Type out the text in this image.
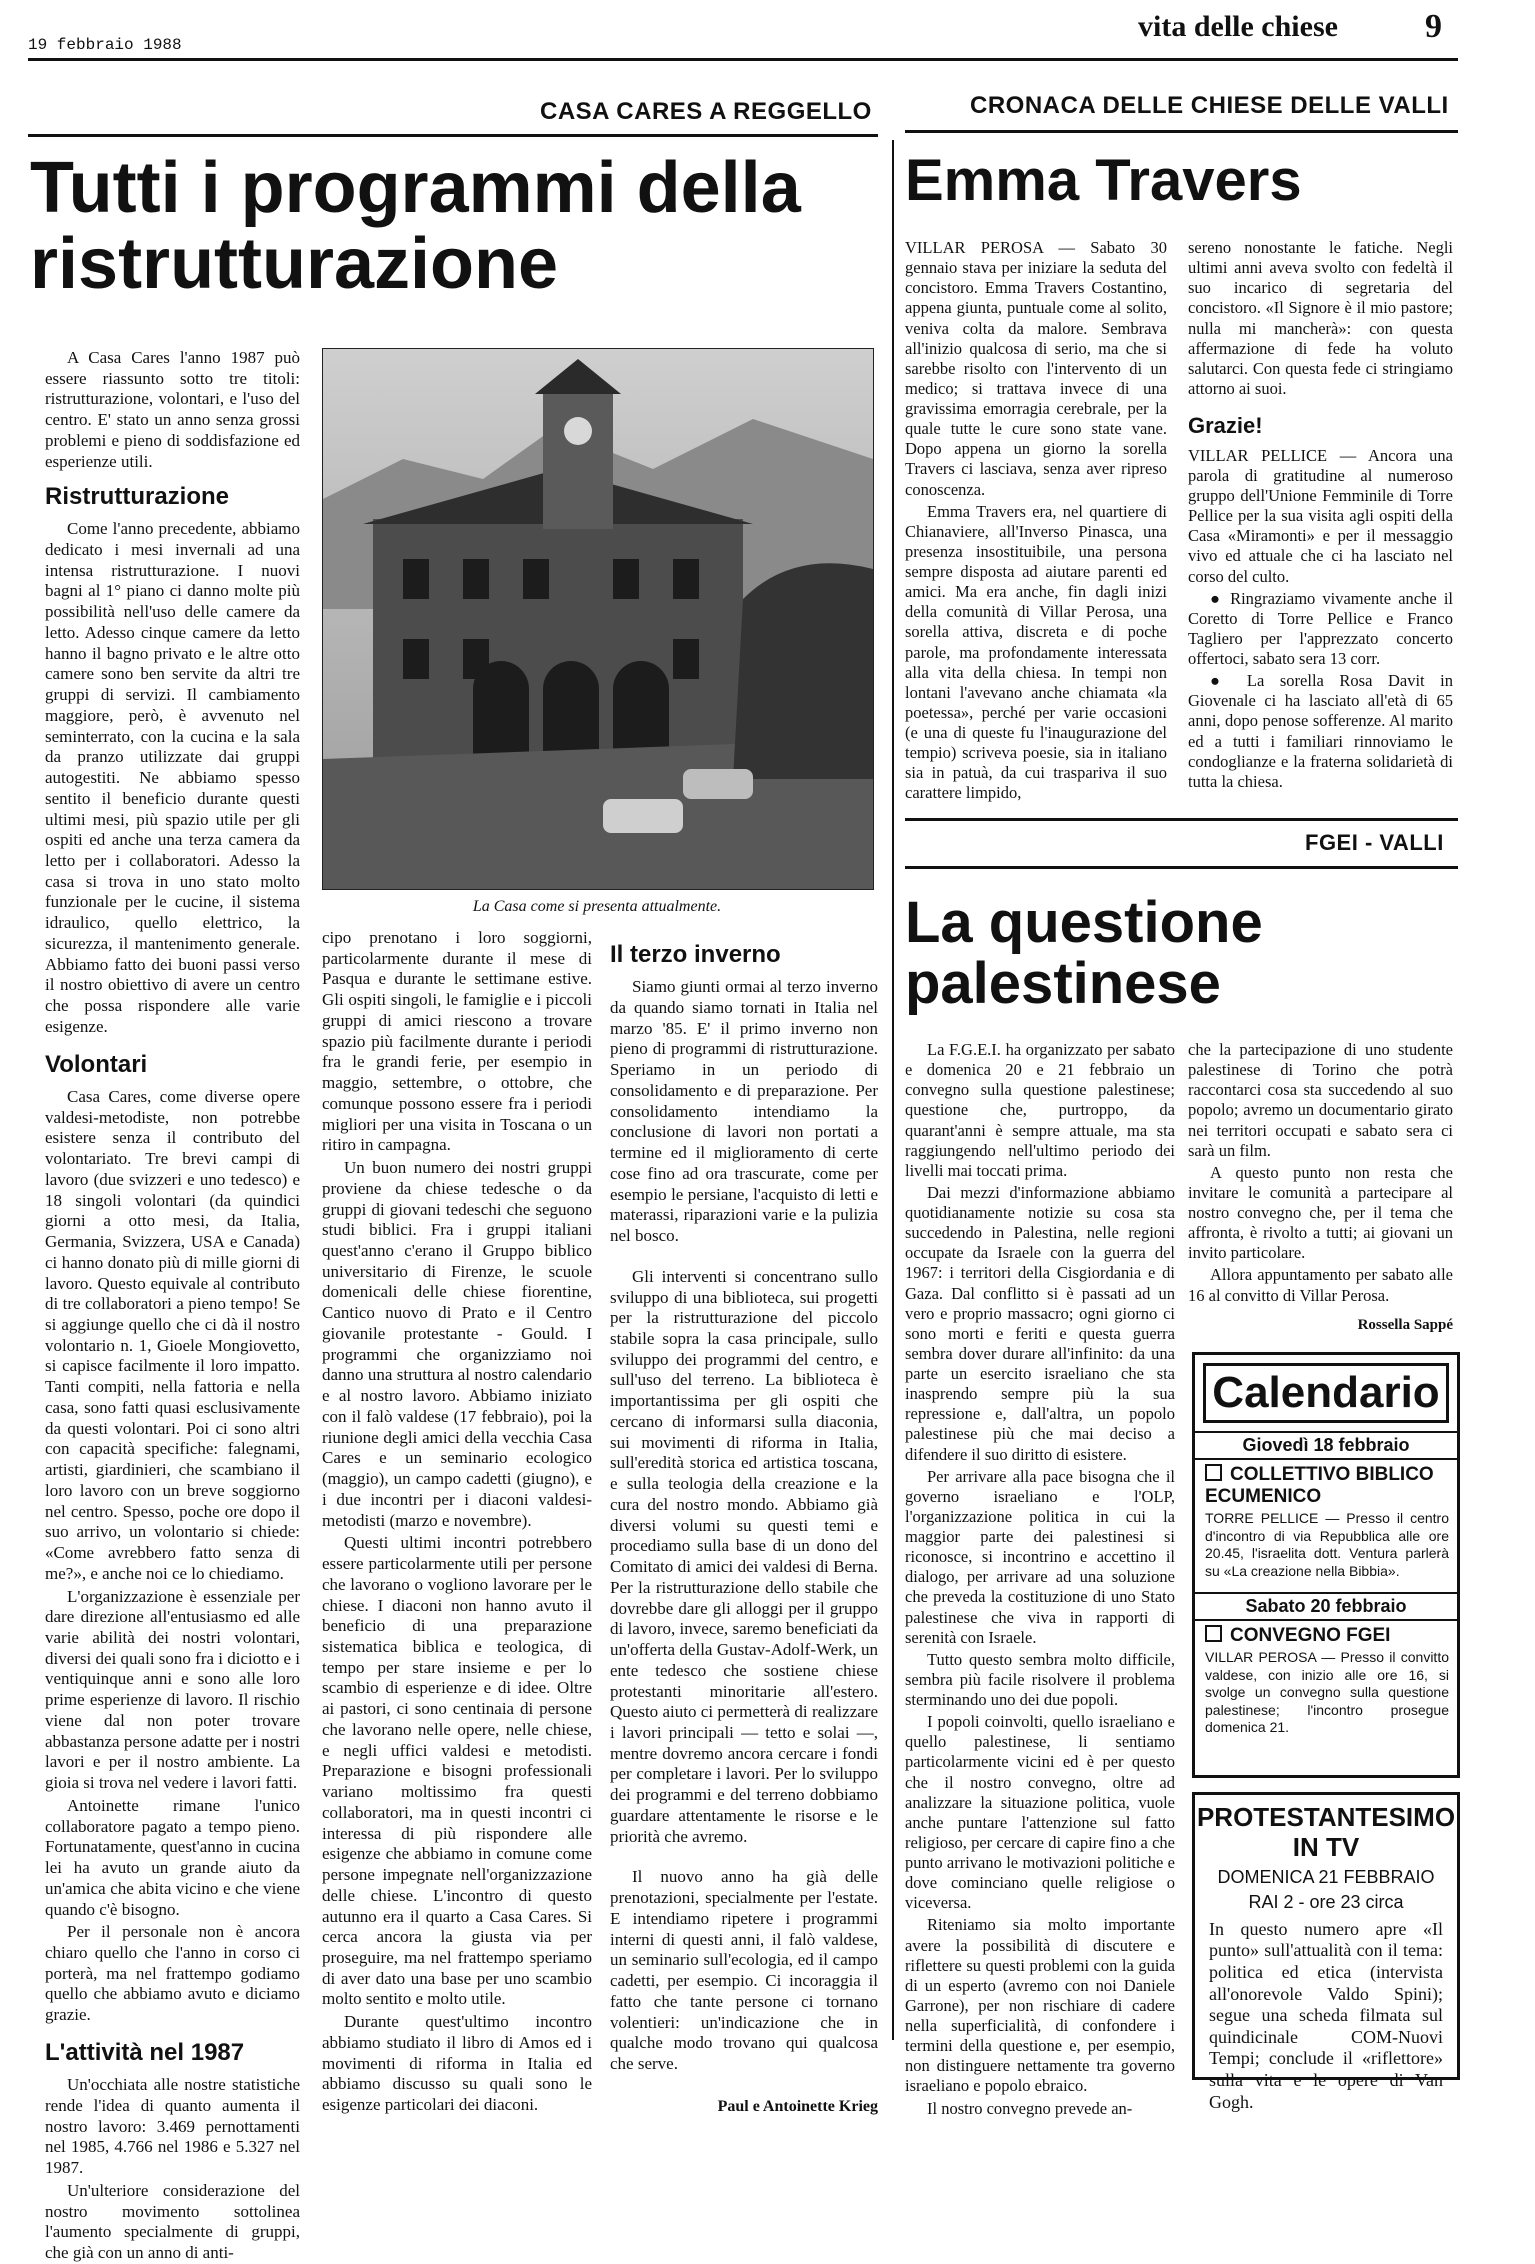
19 febbraio 1988
vita delle chiese	9
CASA CARES A REGGELLO	CRONACA DELLE CHIESE DELLE VALLI
Tutti i programmi della ristrutturazione

A Casa Cares l'anno 1987 può essere riassunto sotto tre titoli: ristrutturazione, volontari, e l'uso del centro. E' stato un anno senza grossi problemi e pieno di soddisfazione ed esperienze utili.

La Casa come si presenta attualmente.
Ristrutturazione

Come l'anno precedente, abbiamo dedicato i mesi invernali ad una intensa ristrutturazione. I nuovi bagni al 1° piano ci danno molte più possibilità nell'uso delle camere da letto. Adesso cinque camere da letto hanno il bagno privato e le altre otto camere sono ben servite da altri tre gruppi di servizi. Il cambiamento maggiore, però, è avvenuto nel seminterrato, con la cucina e la sala da pranzo utilizzate dai gruppi autogestiti. Ne abbiamo spesso sentito il beneficio durante questi ultimi mesi, più spazio utile per gli ospiti ed anche una terza camera da letto per i collaboratori. Adesso la casa si trova in uno stato molto funzionale per le cucine, il sistema idraulico, quello elettrico, la sicurezza, il mantenimento generale. Abbiamo fatto dei buoni passi verso il nostro obiettivo di avere un centro che possa rispondere alle varie esigenze.

Volontari

Casa Cares, come diverse opere valdesi-metodiste, non potrebbe esistere senza il contributo del volontariato. Tre brevi campi di lavoro (due svizzeri e uno tedesco) e 18 singoli volontari (da quindici giorni a otto mesi, da Italia, Germania, Svizzera, USA e Canada) ci hanno donato più di mille giorni di lavoro. Questo equivale al contributo di tre collaboratori a pieno tempo! Se si aggiunge quello che ci dà il nostro volontario n. 1, Gioele Mongiovetto, si capisce facilmente il loro impatto. Tanti compiti, nella fattoria e nella casa, sono fatti quasi esclusivamente da questi volontari. Poi ci sono altri con capacità specifiche: falegnami, artisti, giardinieri, che scambiano il loro lavoro con un breve soggiorno nel centro. Spesso, poche ore dopo il suo arrivo, un volontario si chiede: «Come avrebbero fatto senza di me?», e anche noi ce lo chiediamo.

L'organizzazione è essenziale per dare direzione all'entusiasmo ed alle varie abilità dei nostri volontari, diversi dei quali sono fra i diciotto e i ventiquinque anni e sono alle loro prime esperienze di lavoro. Il rischio viene dal non poter trovare abbastanza persone adatte per i nostri lavori e per il nostro ambiente. La gioia si trova nel vedere i lavori fatti.

Antoinette rimane l'unico collaboratore pagato a tempo pieno. Fortunatamente, quest'anno in cucina lei ha avuto un grande aiuto da un'amica che abita vicino e che viene quando c'è bisogno.

Per il personale non è ancora chiaro quello che l'anno in corso ci porterà, ma nel frattempo godiamo quello che abbiamo avuto e diciamo grazie.

L'attività nel 1987

Un'occhiata alle nostre statistiche rende l'idea di quanto aumenta il nostro lavoro: 3.469 pernottamenti nel 1985, 4.766 nel 1986 e 5.327 nel 1987.

Un'ulteriore considerazione del nostro movimento sottolinea l'aumento specialmente di gruppi, che già con un anno di anti-

cipo prenotano i loro soggiorni, particolarmente durante il mese di Pasqua e durante le settimane estive. Gli ospiti singoli, le famiglie e i piccoli gruppi di amici riescono a trovare spazio più facilmente durante i periodi fra le grandi ferie, per esempio in maggio, settembre, o ottobre, che comunque possono essere fra i periodi migliori per una visita in Toscana o un ritiro in campagna.

Un buon numero dei nostri gruppi proviene da chiese tedesche o da gruppi di giovani tedeschi che seguono studi biblici. Fra i gruppi italiani quest'anno c'erano il Gruppo biblico universitario di Firenze, le scuole domenicali delle chiese fiorentine, Cantico nuovo di Prato e il Centro giovanile protestante - Gould. I programmi che organizziamo noi danno una struttura al nostro calendario e al nostro lavoro. Abbiamo iniziato con il falò valdese (17 febbraio), poi la riunione degli amici della vecchia Casa Cares e un seminario ecologico (maggio), un campo cadetti (giugno), e i due incontri per i diaconi valdesi-metodisti (marzo e novembre).

Questi ultimi incontri potrebbero essere particolarmente utili per persone che lavorano o vogliono lavorare per le chiese. I diaconi non hanno avuto il beneficio di una preparazione sistematica biblica e teologica, di tempo per stare insieme e per lo scambio di esperienze e di idee. Oltre ai pastori, ci sono centinaia di persone che lavorano nelle opere, nelle chiese, e negli uffici valdesi e metodisti. Preparazione e bisogni professionali variano moltissimo fra questi collaboratori, ma in questi incontri ci interessa di più rispondere alle esigenze che abbiamo in comune come persone impegnate nell'organizzazione delle chiese. L'incontro di questo autunno era il quarto a Casa Cares. Si cerca ancora la giusta via per proseguire, ma nel frattempo speriamo di aver dato una base per uno scambio molto sentito e molto utile.

Durante quest'ultimo incontro abbiamo studiato il libro di Amos ed i movimenti di riforma in Italia ed abbiamo discusso su quali sono le esigenze particolari dei diaconi.

Il terzo inverno

Siamo giunti ormai al terzo inverno da quando siamo tornati in Italia nel marzo '85. E' il primo inverno non pieno di programmi di ristrutturazione. Speriamo in un periodo di consolidamento e di preparazione. Per consolidamento intendiamo la conclusione di lavori non portati a termine ed il miglioramento di certe cose fino ad ora trascurate, come per esempio le persiane, l'acquisto di letti e materassi, riparazioni varie e la pulizia nel bosco.

Gli interventi si concentrano sullo sviluppo di una biblioteca, sui progetti per la ristrutturazione del piccolo stabile sopra la casa principale, sullo sviluppo dei programmi del centro, e sull'uso del terreno. La biblioteca è importantissima per gli ospiti che cercano di informarsi sulla diaconia, sui movimenti di riforma in Italia, sull'eredità storica ed artistica toscana, e sulla teologia della creazione e la cura del nostro mondo. Abbiamo già diversi volumi su questi temi e procediamo sulla base di un dono del Comitato di amici dei valdesi di Berna. Per la ristrutturazione dello stabile che dovrebbe dare gli alloggi per il gruppo di lavoro, invece, saremo beneficiati da un'offerta della Gustav-Adolf-Werk, un ente tedesco che sostiene chiese protestanti minoritarie all'estero. Questo aiuto ci permetterà di realizzare i lavori principali — tetto e solai —, mentre dovremo ancora cercare i fondi per completare i lavori. Per lo sviluppo dei programmi e del terreno dobbiamo guardare attentamente le risorse e le priorità che avremo.

Il nuovo anno ha già delle prenotazioni, specialmente per l'estate. E intendiamo ripetere i programmi interni di questi anni, il falò valdese, un seminario sull'ecologia, ed il campo cadetti, per esempio. Ci incoraggia il fatto che tante persone ci tornano volentieri: un'indicazione che in qualche modo trovano qui qualcosa che serve.

Paul e Antoinette Krieg
Emma Travers

VILLAR PEROSA — Sabato 30 gennaio stava per iniziare la seduta del concistoro. Emma Travers Costantino, appena giunta, puntuale come al solito, veniva colta da malore. Sembrava all'inizio qualcosa di serio, ma che si sarebbe risolto con l'intervento di un medico; si trattava invece di una gravissima emorragia cerebrale, per la quale tutte le cure sono state vane. Dopo appena un giorno la sorella Travers ci lasciava, senza aver ripreso conoscenza.

Emma Travers era, nel quartiere di Chianaviere, all'Inverso Pinasca, una presenza insostituibile, una persona sempre disposta ad aiutare parenti ed amici. Ma era anche, fin dagli inizi della comunità di Villar Perosa, una sorella attiva, discreta e di poche parole, ma profondamente interessata alla vita della chiesa. In tempi non lontani l'avevano anche chiamata «la poetessa», perché per varie occasioni (e una di queste fu l'inaugurazione del tempio) scriveva poesie, sia in italiano sia in patuà, da cui traspariva il suo carattere limpido,

sereno nonostante le fatiche. Negli ultimi anni aveva svolto con fedeltà il suo incarico di segretaria del concistoro. «Il Signore è il mio pastore; nulla mi mancherà»: con questa affermazione di fede ha voluto salutarci. Con questa fede ci stringiamo attorno ai suoi.

Grazie!

VILLAR PELLICE — Ancora una parola di gratitudine al numeroso gruppo dell'Unione Femminile di Torre Pellice per la sua visita agli ospiti della Casa «Miramonti» e per il messaggio vivo ed attuale che ci ha lasciato nel corso del culto.

● Ringraziamo vivamente anche il Coretto di Torre Pellice e Franco Tagliero per l'apprezzato concerto offertoci, sabato sera 13 corr.

● La sorella Rosa Davit in Giovenale ci ha lasciato all'età di 65 anni, dopo penose sofferenze. Al marito ed a tutti i familiari rinnoviamo le condoglianze e la fraterna solidarietà di tutta la chiesa.

FGEI - VALLI
La questione palestinese

La F.G.E.I. ha organizzato per sabato e domenica 20 e 21 febbraio un convegno sulla questione palestinese; questione che, purtroppo, da quarant'anni è sempre attuale, ma sta raggiungendo nell'ultimo periodo dei livelli mai toccati prima.

Dai mezzi d'informazione abbiamo quotidianamente notizie su cosa sta succedendo in Palestina, nelle regioni occupate da Israele con la guerra del 1967: i territori della Cisgiordania e di Gaza. Dal conflitto si è passati ad un vero e proprio massacro; ogni giorno ci sono morti e feriti e questa guerra sembra dover durare all'infinito: da una parte un esercito israeliano che sta inasprendo sempre più la sua repressione e, dall'altra, un popolo palestinese più che mai deciso a difendere il suo diritto di esistere.

Per arrivare alla pace bisogna che il governo israeliano e l'OLP, l'organizzazione politica in cui la maggior parte dei palestinesi si riconosce, si incontrino e accettino il dialogo, per arrivare ad una soluzione che preveda la costituzione di uno Stato palestinese che viva in rapporti di serenità con Israele.

Tutto questo sembra molto difficile, sembra più facile risolvere il problema sterminando uno dei due popoli.

I popoli coinvolti, quello israeliano e quello palestinese, li sentiamo particolarmente vicini ed è per questo che il nostro convegno, oltre ad analizzare la situazione politica, vuole anche puntare l'attenzione sul fatto religioso, per cercare di capire fino a che punto arrivano le motivazioni politiche e dove cominciano quelle religiose o viceversa.

Riteniamo sia molto importante avere la possibilità di discutere e riflettere su questi problemi con la guida di un esperto (avremo con noi Daniele Garrone), per non rischiare di cadere nella superficialità, di confondere i termini della questione e, per esempio, non distinguere nettamente tra governo israeliano e popolo ebraico.

Il nostro convegno prevede an-

che la partecipazione di uno studente palestinese di Torino che potrà raccontarci cosa sta succedendo al suo popolo; avremo un documentario girato nei territori occupati e sabato sera ci sarà un film.

A questo punto non resta che invitare le comunità a partecipare al nostro convegno che, per il tema che affronta, è rivolto a tutti; ai giovani un invito particolare.

Allora appuntamento per sabato alle 16 al convitto di Villar Perosa.

Rossella Sappé
Calendario
Giovedì 18 febbraio
COLLETTIVO BIBLICO ECUMENICO
TORRE PELLICE — Presso il centro d'incontro di via Repubblica alle ore 20.45, l'israelita dott. Ventura parlerà su «La creazione nella Bibbia».
Sabato 20 febbraio
CONVEGNO FGEI
VILLAR PEROSA — Presso il convitto valdese, con inizio alle ore 16, si svolge un convegno sulla questione palestinese; l'incontro prosegue domenica 21.
PROTESTANTESIMO IN TV
DOMENICA 21 FEBBRAIO
RAI 2 - ore 23 circa
In questo numero apre «Il punto» sull'attualità con il tema: politica ed etica (intervista all'onorevole Valdo Spini); segue una scheda filmata sul quindicinale COM-Nuovi Tempi; conclude il «riflettore» sulla vita e le opere di Van Gogh.
